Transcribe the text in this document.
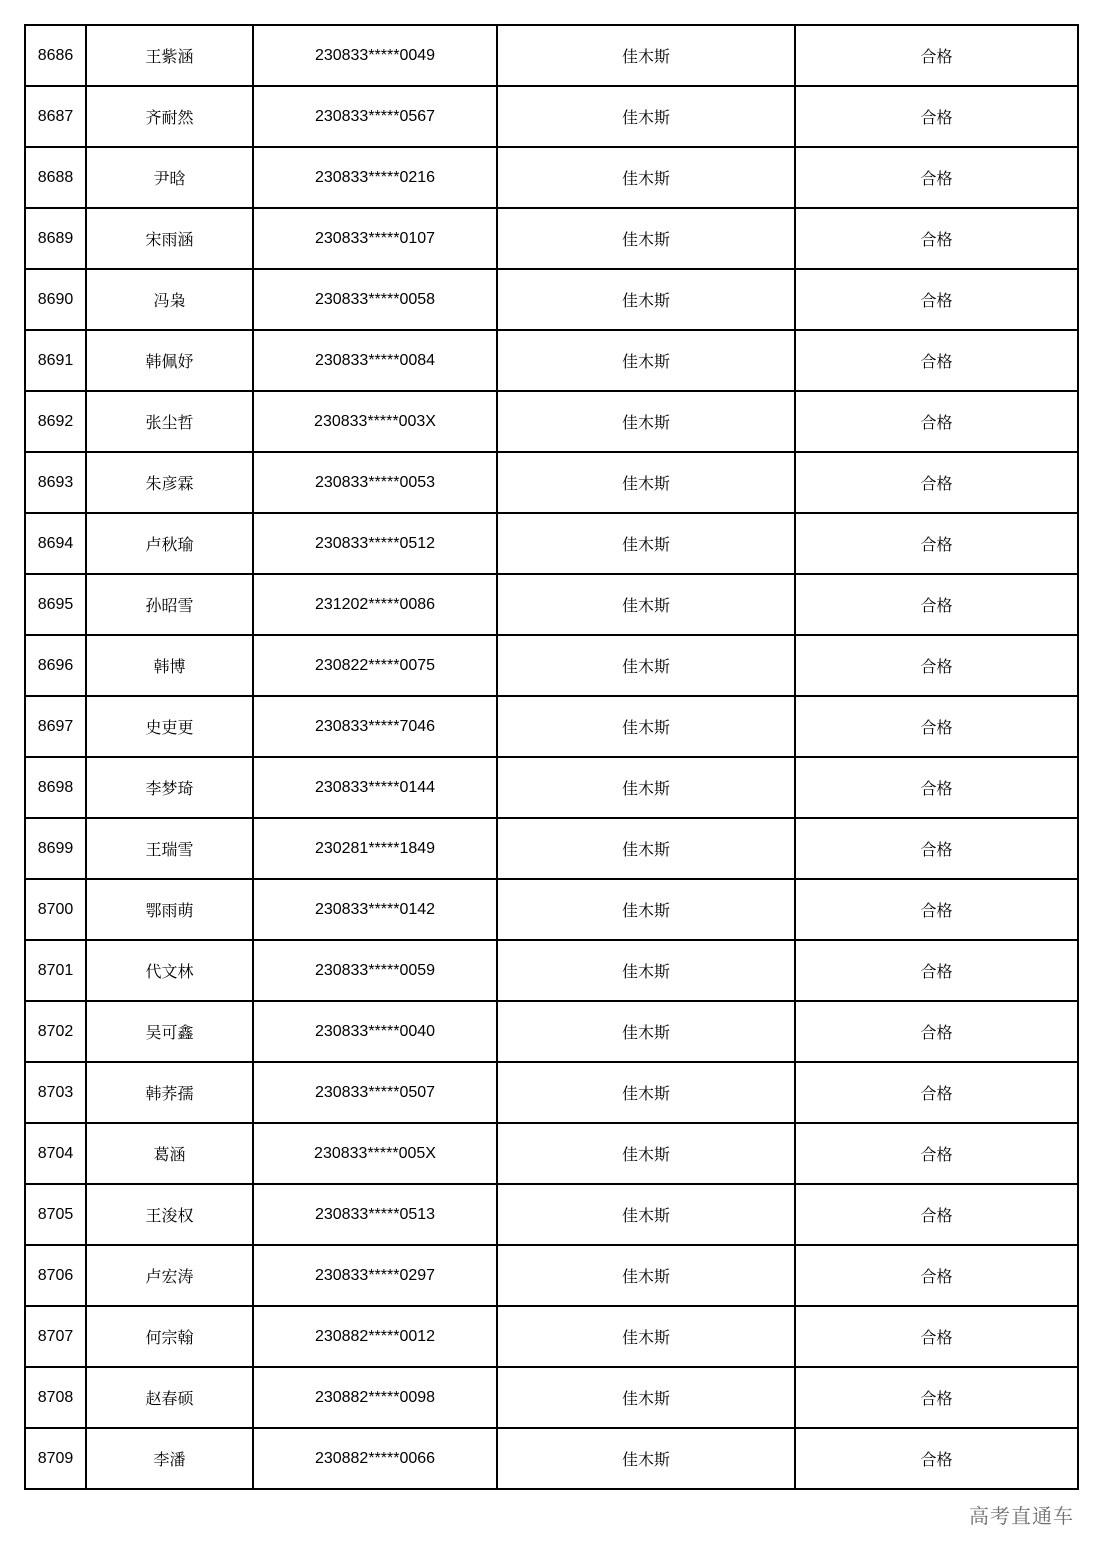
8686	王紫涵	230833*****0049	佳木斯	合格
8687	齐耐然	230833*****0567	佳木斯	合格
8688	尹晗	230833*****0216	佳木斯	合格
8689	宋雨涵	230833*****0107	佳木斯	合格
8690	冯枭	230833*****0058	佳木斯	合格
8691	韩佩妤	230833*****0084	佳木斯	合格
8692	张尘哲	230833*****003X	佳木斯	合格
8693	朱彦霖	230833*****0053	佳木斯	合格
8694	卢秋瑜	230833*****0512	佳木斯	合格
8695	孙昭雪	231202*****0086	佳木斯	合格
8696	韩博	230822*****0075	佳木斯	合格
8697	史吏更	230833*****7046	佳木斯	合格
8698	李梦琦	230833*****0144	佳木斯	合格
8699	王瑞雪	230281*****1849	佳木斯	合格
8700	鄂雨萌	230833*****0142	佳木斯	合格
8701	代文林	230833*****0059	佳木斯	合格
8702	吴可鑫	230833*****0040	佳木斯	合格
8703	韩荞孺	230833*****0507	佳木斯	合格
8704	葛涵	230833*****005X	佳木斯	合格
8705	王浚权	230833*****0513	佳木斯	合格
8706	卢宏涛	230833*****0297	佳木斯	合格
8707	何宗翰	230882*****0012	佳木斯	合格
8708	赵春硕	230882*****0098	佳木斯	合格
8709	李潘	230882*****0066	佳木斯	合格
高考直通车
